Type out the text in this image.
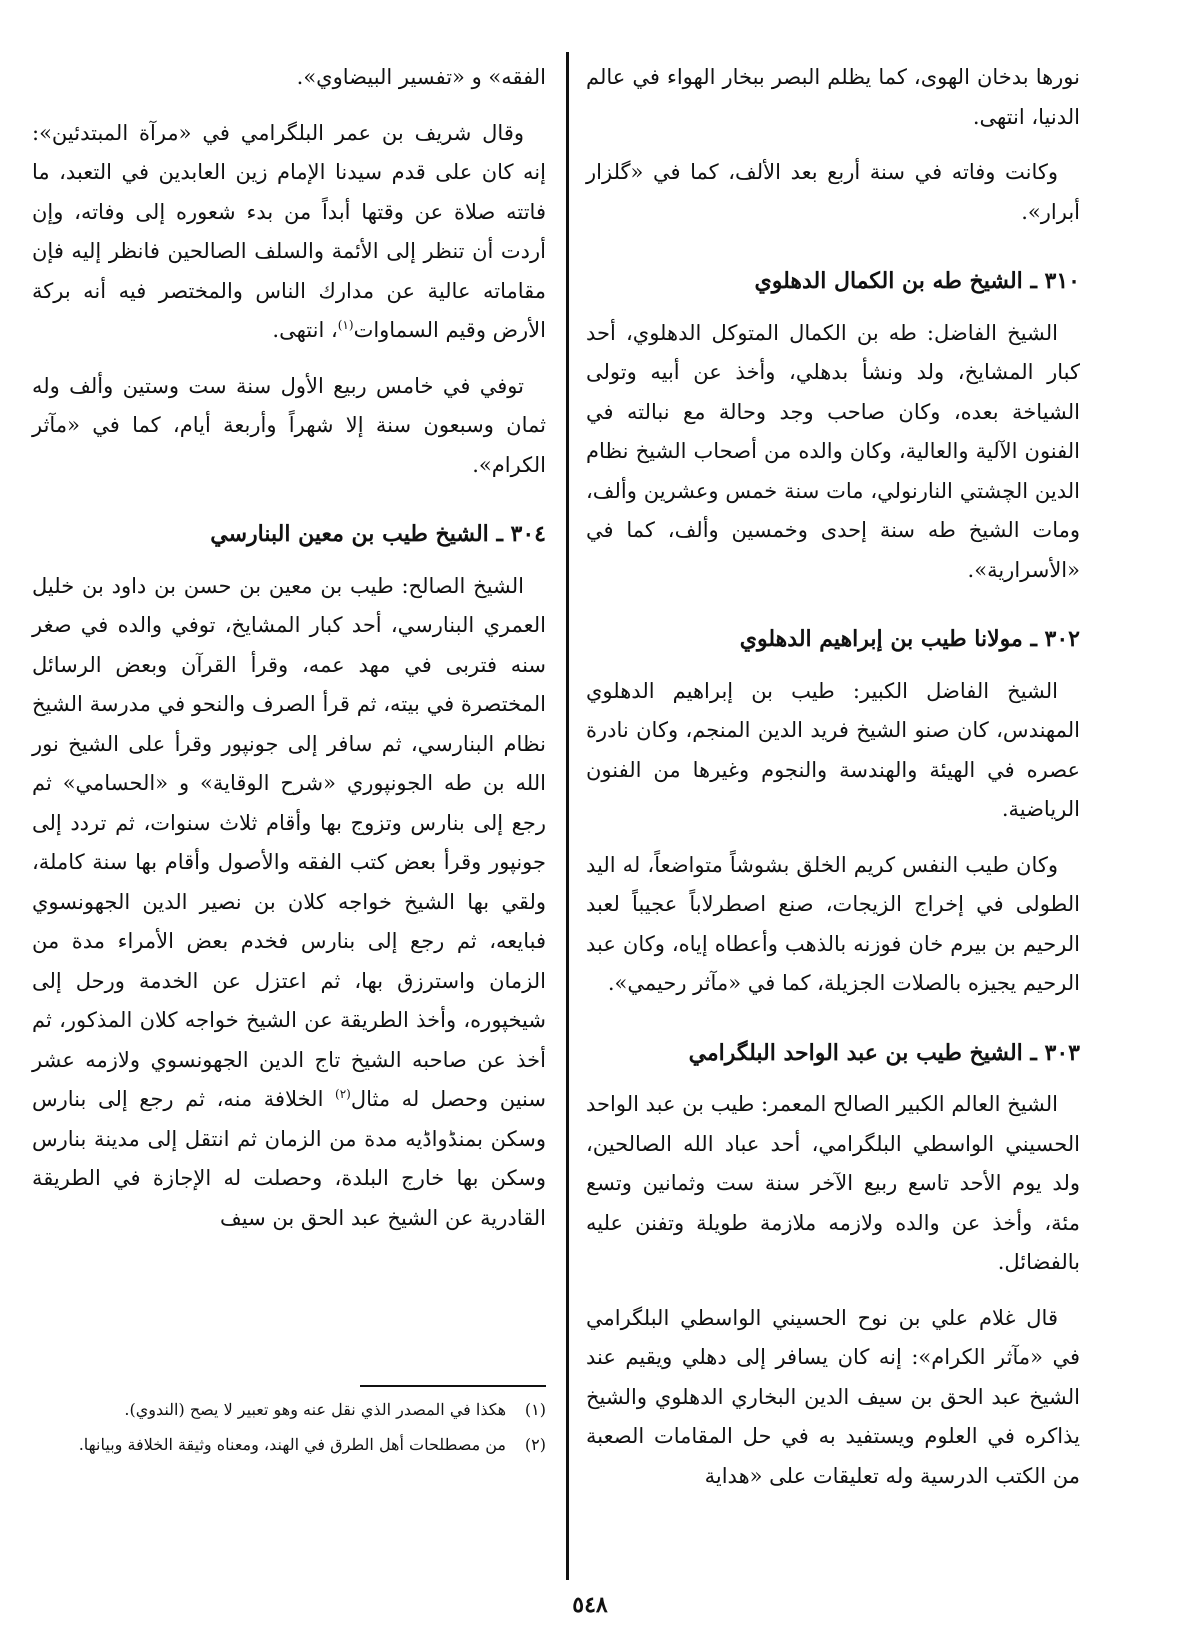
نورها بدخان الهوى، كما يظلم البصر ببخار الهواء في عالم الدنيا، انتهى.

وكانت وفاته في سنة أربع بعد الألف، كما في «گلزار أبرار».

٣١٠ ـ الشيخ طه بن الكمال الدهلوي

الشيخ الفاضل: طه بن الكمال المتوكل الدهلوي، أحد كبار المشايخ، ولد ونشأ بدهلي، وأخذ عن أبيه وتولى الشياخة بعده، وكان صاحب وجد وحالة مع نبالته في الفنون الآلية والعالية، وكان والده من أصحاب الشيخ نظام الدين الچشتي النارنولي، مات سنة خمس وعشرين وألف، ومات الشيخ طه سنة إحدى وخمسين وألف، كما في «الأسرارية».

٣٠٢ ـ مولانا طيب بن إبراهيم الدهلوي

الشيخ الفاضل الكبير: طيب بن إبراهيم الدهلوي المهندس، كان صنو الشيخ فريد الدين المنجم، وكان نادرة عصره في الهيئة والهندسة والنجوم وغيرها من الفنون الرياضية.

وكان طيب النفس كريم الخلق بشوشاً متواضعاً، له اليد الطولى في إخراج الزيجات، صنع اصطرلاباً عجيباً لعبد الرحيم بن بيرم خان فوزنه بالذهب وأعطاه إياه، وكان عبد الرحيم يجيزه بالصلات الجزيلة، كما في «مآثر رحيمي».

٣٠٣ ـ الشيخ طيب بن عبد الواحد البلگرامي

الشيخ العالم الكبير الصالح المعمر: طيب بن عبد الواحد الحسيني الواسطي البلگرامي، أحد عباد الله الصالحين، ولد يوم الأحد تاسع ربيع الآخر سنة ست وثمانين وتسع مئة، وأخذ عن والده ولازمه ملازمة طويلة وتفنن عليه بالفضائل.

قال غلام علي بن نوح الحسيني الواسطي البلگرامي في «مآثر الكرام»: إنه كان يسافر إلى دهلي ويقيم عند الشيخ عبد الحق بن سيف الدين البخاري الدهلوي والشيخ يذاكره في العلوم ويستفيد به في حل المقامات الصعبة من الكتب الدرسية وله تعليقات على «هداية

الفقه» و «تفسير البيضاوي».

وقال شريف بن عمر البلگرامي في «مرآة المبتدئين»: إنه كان على قدم سيدنا الإمام زين العابدين في التعبد، ما فاتته صلاة عن وقتها أبداً من بدء شعوره إلى وفاته، وإن أردت أن تنظر إلى الأئمة والسلف الصالحين فانظر إليه فإن مقاماته عالية عن مدارك الناس والمختصر فيه أنه بركة الأرض وقيم السماوات$^{(١)}$، انتهى.

توفي في خامس ربيع الأول سنة ست وستين وألف وله ثمان وسبعون سنة إلا شهراً وأربعة أيام، كما في «مآثر الكرام».

٣٠٤ ـ الشيخ طيب بن معين البنارسي

الشيخ الصالح: طيب بن معين بن حسن بن داود بن خليل العمري البنارسي، أحد كبار المشايخ، توفي والده في صغر سنه فتربى في مهد عمه، وقرأ القرآن وبعض الرسائل المختصرة في بيته، ثم قرأ الصرف والنحو في مدرسة الشيخ نظام البنارسي، ثم سافر إلى جونپور وقرأ على الشيخ نور الله بن طه الجونپوري «شرح الوقاية» و «الحسامي» ثم رجع إلى بنارس وتزوج بها وأقام ثلاث سنوات، ثم تردد إلى جونپور وقرأ بعض كتب الفقه والأصول وأقام بها سنة كاملة، ولقي بها الشيخ خواجه كلان بن نصير الدين الجهونسوي فبايعه، ثم رجع إلى بنارس فخدم بعض الأمراء مدة من الزمان واسترزق بها، ثم اعتزل عن الخدمة ورحل إلى شيخپوره، وأخذ الطريقة عن الشيخ خواجه كلان المذكور، ثم أخذ عن صاحبه الشيخ تاج الدين الجهونسوي ولازمه عشر سنين وحصل له مثال$^{(٢)}$ الخلافة منه، ثم رجع إلى بنارس وسكن بمنڈواڈيه مدة من الزمان ثم انتقل إلى مدينة بنارس وسكن بها خارج البلدة، وحصلت له الإجازة في الطريقة القادرية عن الشيخ عبد الحق بن سيف

(١)
هكذا في المصدر الذي نقل عنه وهو تعبير لا يصح (الندوي).
(٢)
من مصطلحات أهل الطرق في الهند، ومعناه وثيقة الخلافة وبيانها.
٥٤٨
